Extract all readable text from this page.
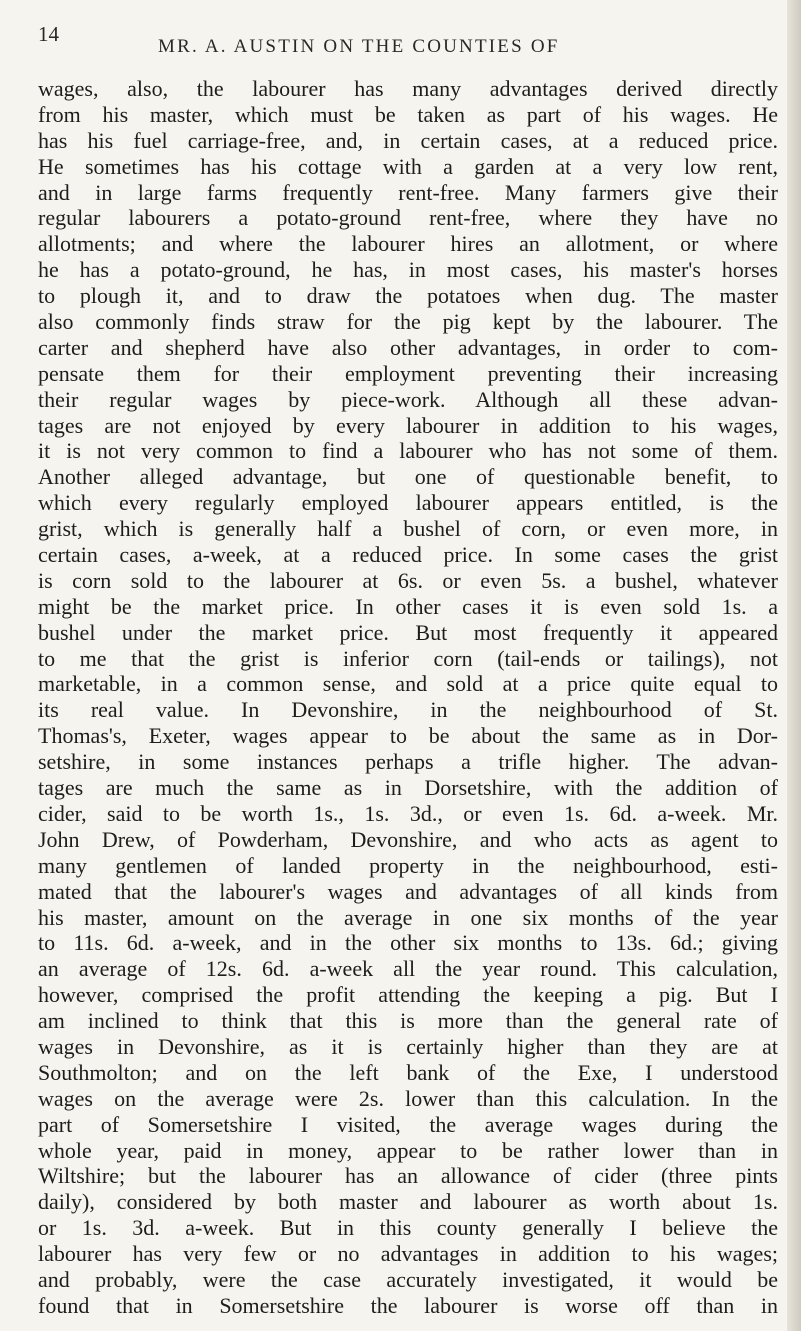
14
MR. A. AUSTIN ON THE COUNTIES OF
wages, also, the labourer has many advantages derived directly
from his master, which must be taken as part of his wages. He
has his fuel carriage-free, and, in certain cases, at a reduced price.
He sometimes has his cottage with a garden at a very low rent,
and in large farms frequently rent-free. Many farmers give their
regular labourers a potato-ground rent-free, where they have no
allotments; and where the labourer hires an allotment, or where
he has a potato-ground, he has, in most cases, his master's horses
to plough it, and to draw the potatoes when dug. The master
also commonly finds straw for the pig kept by the labourer. The
carter and shepherd have also other advantages, in order to com-
pensate them for their employment preventing their increasing
their regular wages by piece-work. Although all these advan-
tages are not enjoyed by every labourer in addition to his wages,
it is not very common to find a labourer who has not some of them.
Another alleged advantage, but one of questionable benefit, to
which every regularly employed labourer appears entitled, is the
grist, which is generally half a bushel of corn, or even more, in
certain cases, a-week, at a reduced price. In some cases the grist
is corn sold to the labourer at 6s. or even 5s. a bushel, whatever
might be the market price. In other cases it is even sold 1s. a
bushel under the market price. But most frequently it appeared
to me that the grist is inferior corn (tail-ends or tailings), not
marketable, in a common sense, and sold at a price quite equal to
its real value. In Devonshire, in the neighbourhood of St.
Thomas's, Exeter, wages appear to be about the same as in Dor-
setshire, in some instances perhaps a trifle higher. The advan-
tages are much the same as in Dorsetshire, with the addition of
cider, said to be worth 1s., 1s. 3d., or even 1s. 6d. a-week. Mr.
John Drew, of Powderham, Devonshire, and who acts as agent to
many gentlemen of landed property in the neighbourhood, esti-
mated that the labourer's wages and advantages of all kinds from
his master, amount on the average in one six months of the year
to 11s. 6d. a-week, and in the other six months to 13s. 6d.; giving
an average of 12s. 6d. a-week all the year round. This calculation,
however, comprised the profit attending the keeping a pig. But I
am inclined to think that this is more than the general rate of
wages in Devonshire, as it is certainly higher than they are at
Southmolton; and on the left bank of the Exe, I understood
wages on the average were 2s. lower than this calculation. In the
part of Somersetshire I visited, the average wages during the
whole year, paid in money, appear to be rather lower than in
Wiltshire; but the labourer has an allowance of cider (three pints
daily), considered by both master and labourer as worth about 1s.
or 1s. 3d. a-week. But in this county generally I believe the
labourer has very few or no advantages in addition to his wages;
and probably, were the case accurately investigated, it would be
found that in Somersetshire the labourer is worse off than in
